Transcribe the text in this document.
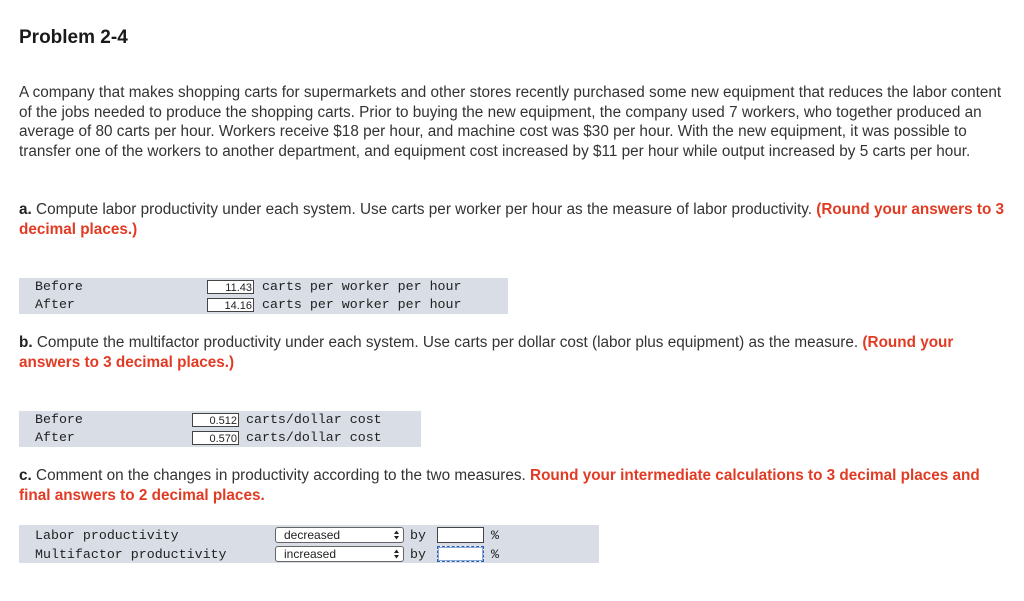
Problem 2-4
A company that makes shopping carts for supermarkets and other stores recently purchased some new equipment that reduces the labor content of the jobs needed to produce the shopping carts. Prior to buying the new equipment, the company used 7 workers, who together produced an average of 80 carts per hour. Workers receive $18 per hour, and machine cost was $30 per hour. With the new equipment, it was possible to transfer one of the workers to another department, and equipment cost increased by $11 per hour while output increased by 5 carts per hour.
a. Compute labor productivity under each system. Use carts per worker per hour as the measure of labor productivity. (Round your answers to 3 decimal places.)
Before	11.43 carts per worker per hour
After	14.16 carts per worker per hour
b. Compute the multifactor productivity under each system. Use carts per dollar cost (labor plus equipment) as the measure. (Round your answers to 3 decimal places.)
Before	0.512 carts/dollar cost
After	0.570 carts/dollar cost
c. Comment on the changes in productivity according to the two measures. Round your intermediate calculations to 3 decimal places and final answers to 2 decimal places.
Labor productivity	decreased	by	%
Multifactor productivity	increased	by	%
